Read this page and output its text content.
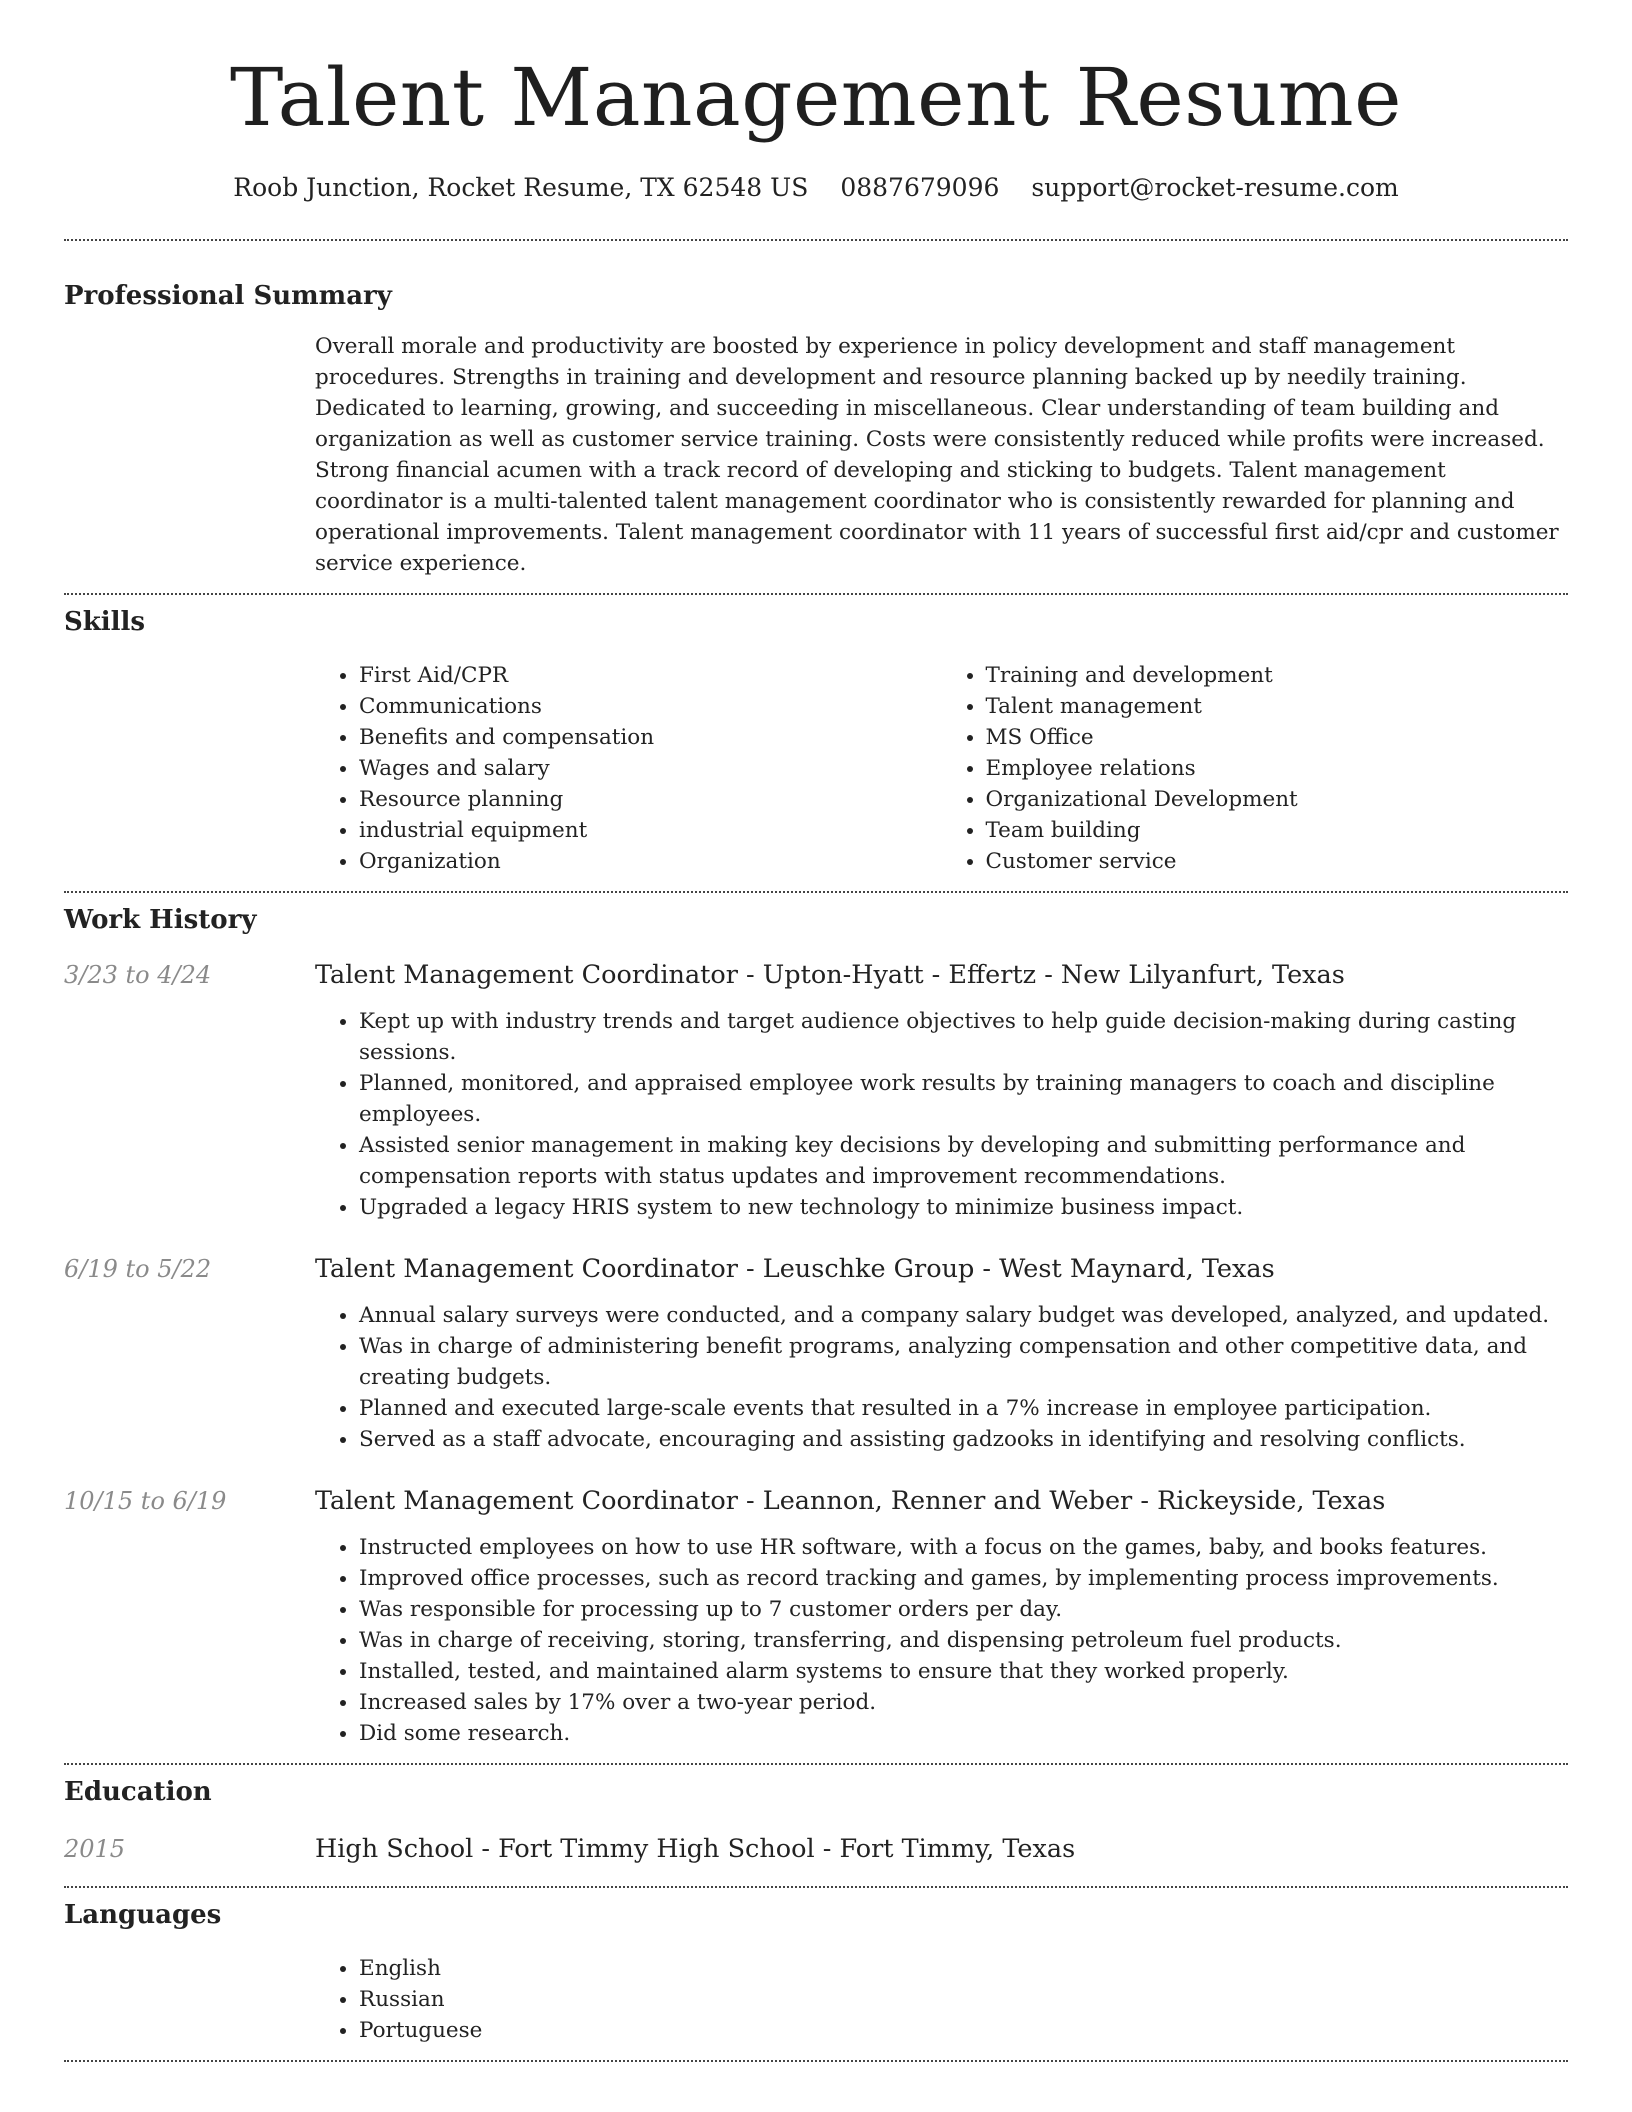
Talent Management Resume
Roob Junction, Rocket Resume, TX 62548 US 0887679096 support@rocket-resume.com
Professional Summary

Overall morale and productivity are boosted by experience in policy development and staff management procedures. Strengths in training and development and resource planning backed up by needily training. Dedicated to learning, growing, and succeeding in miscellaneous. Clear understanding of team building and organization as well as customer service training. Costs were consistently reduced while profits were increased. Strong financial acumen with a track record of developing and sticking to budgets. Talent management coordinator is a multi-talented talent management coordinator who is consistently rewarded for planning and operational improvements. Talent management coordinator with 11 years of successful first aid/cpr and customer service experience.

Skills
• First Aid/CPR
• Communications
• Benefits and compensation
• Wages and salary
• Resource planning
• industrial equipment
• Organization
• Training and development
• Talent management
• MS Office
• Employee relations
• Organizational Development
• Team building
• Customer service
Work History
3/23 to 4/24	Talent Management Coordinator - Upton-Hyatt - Effertz - New Lilyanfurt, Texas
• Kept up with industry trends and target audience objectives to help guide decision-making during casting sessions.
• Planned, monitored, and appraised employee work results by training managers to coach and discipline employees.
• Assisted senior management in making key decisions by developing and submitting performance and compensation reports with status updates and improvement recommendations.
• Upgraded a legacy HRIS system to new technology to minimize business impact.
6/19 to 5/22	Talent Management Coordinator - Leuschke Group - West Maynard, Texas
• Annual salary surveys were conducted, and a company salary budget was developed, analyzed, and updated.
• Was in charge of administering benefit programs, analyzing compensation and other competitive data, and creating budgets.
• Planned and executed large-scale events that resulted in a 7% increase in employee participation.
• Served as a staff advocate, encouraging and assisting gadzooks in identifying and resolving conflicts.
10/15 to 6/19	Talent Management Coordinator - Leannon, Renner and Weber - Rickeyside, Texas
• Instructed employees on how to use HR software, with a focus on the games, baby, and books features.
• Improved office processes, such as record tracking and games, by implementing process improvements.
• Was responsible for processing up to 7 customer orders per day.
• Was in charge of receiving, storing, transferring, and dispensing petroleum fuel products.
• Installed, tested, and maintained alarm systems to ensure that they worked properly.
• Increased sales by 17% over a two-year period.
• Did some research.
Education
2015	High School - Fort Timmy High School - Fort Timmy, Texas
Languages
• English
• Russian
• Portuguese
